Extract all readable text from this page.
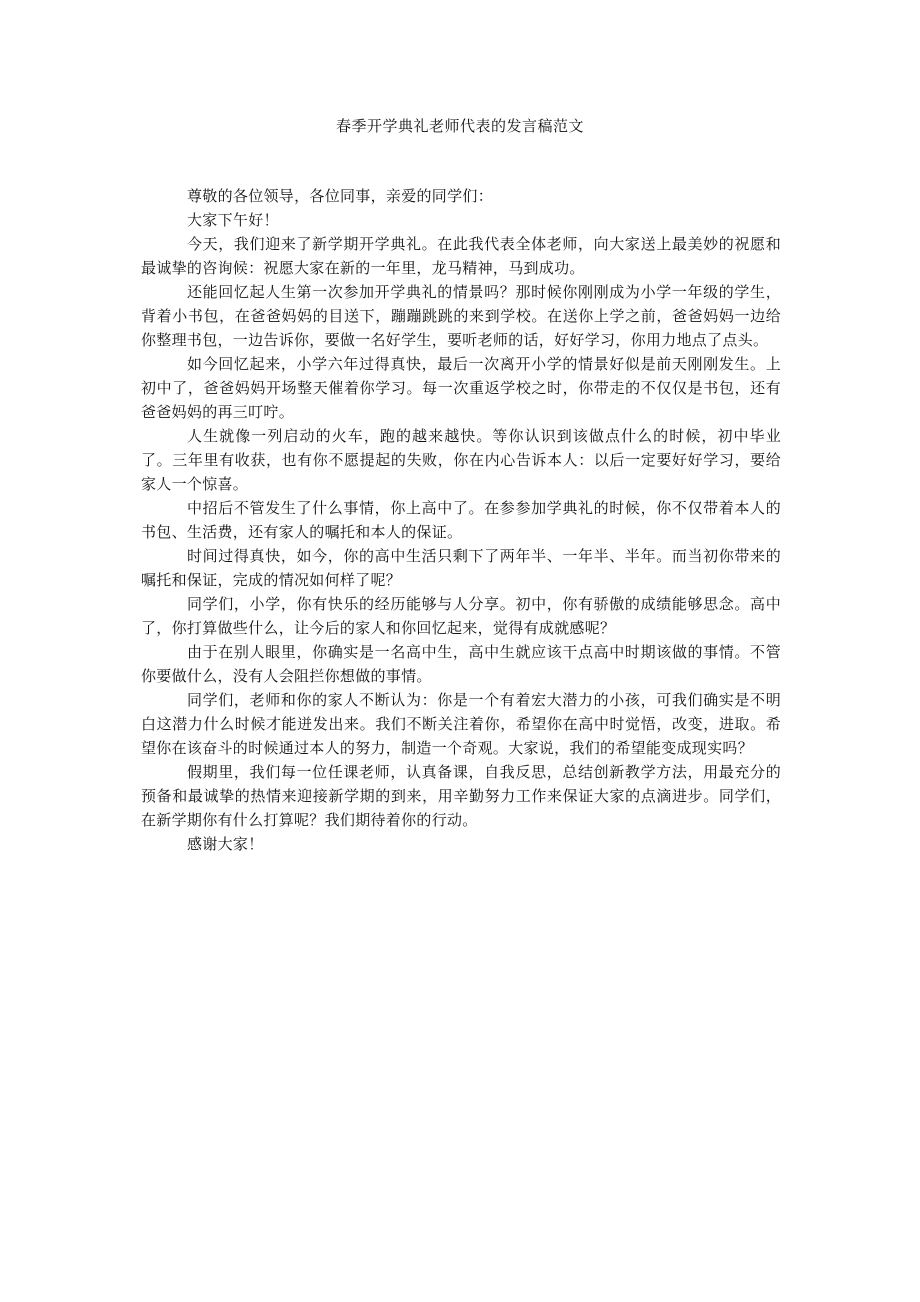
春季开学典礼老师代表的发言稿范文

尊敬的各位领导，各位同事，亲爱的同学们：

大家下午好！

今天，我们迎来了新学期开学典礼。在此我代表全体老师，向大家送上最美妙的祝愿和最诚挚的咨询候：祝愿大家在新的一年里，龙马精神，马到成功。

还能回忆起人生第一次参加开学典礼的情景吗？那时候你刚刚成为小学一年级的学生，背着小书包，在爸爸妈妈的目送下，蹦蹦跳跳的来到学校。在送你上学之前，爸爸妈妈一边给你整理书包，一边告诉你，要做一名好学生，要听老师的话，好好学习，你用力地点了点头。

如今回忆起来，小学六年过得真快，最后一次离开小学的情景好似是前天刚刚发生。上初中了，爸爸妈妈开场整天催着你学习。每一次重返学校之时，你带走的不仅仅是书包，还有爸爸妈妈的再三叮咛。

人生就像一列启动的火车，跑的越来越快。等你认识到该做点什么的时候，初中毕业了。三年里有收获，也有你不愿提起的失败，你在内心告诉本人：以后一定要好好学习，要给家人一个惊喜。

中招后不管发生了什么事情，你上高中了。在参参加学典礼的时候，你不仅带着本人的书包、生活费，还有家人的嘱托和本人的保证。

时间过得真快，如今，你的高中生活只剩下了两年半、一年半、半年。而当初你带来的嘱托和保证，完成的情况如何样了呢？

同学们，小学，你有快乐的经历能够与人分享。初中，你有骄傲的成绩能够思念。高中了，你打算做些什么，让今后的家人和你回忆起来，觉得有成就感呢？

由于在别人眼里，你确实是一名高中生，高中生就应该干点高中时期该做的事情。不管你要做什么，没有人会阻拦你想做的事情。

同学们，老师和你的家人不断认为：你是一个有着宏大潜力的小孩，可我们确实是不明白这潜力什么时候才能迸发出来。我们不断关注着你，希望你在高中时觉悟，改变，进取。希望你在该奋斗的时候通过本人的努力，制造一个奇观。大家说，我们的希望能变成现实吗？

假期里，我们每一位任课老师，认真备课，自我反思，总结创新教学方法，用最充分的预备和最诚挚的热情来迎接新学期的到来，用辛勤努力工作来保证大家的点滴进步。同学们，在新学期你有什么打算呢？我们期待着你的行动。

感谢大家！
